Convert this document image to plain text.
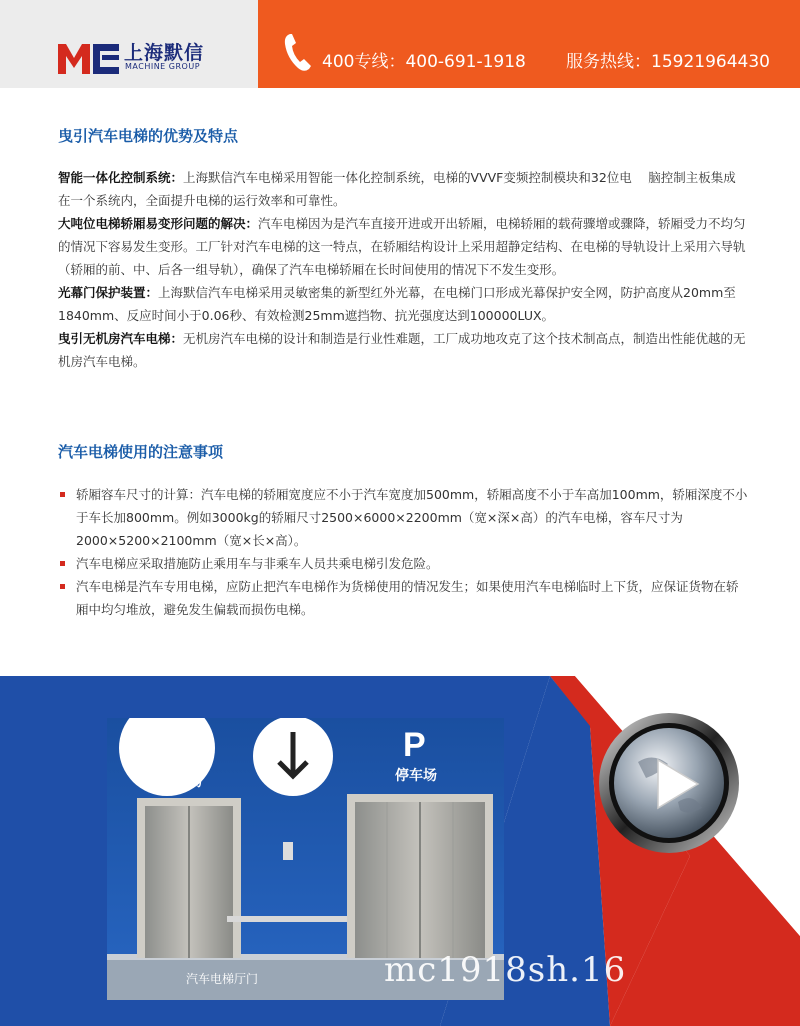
上海默信
MACHINE GROUP	400专线：400-691-1918 服务热线：15921964430
曳引汽车电梯的优势及特点

智能一体化控制系统：上海默信汽车电梯采用智能一体化控制系统，电梯的VVVF变频控制模块和32位电　 脑控制主板集成在一个系统内，全面提升电梯的运行效率和可靠性。

大吨位电梯轿厢易变形问题的解决：汽车电梯因为是汽车直接开进或开出轿厢，电梯轿厢的载荷骤增或骤降，轿厢受力不均匀的情况下容易发生变形。工厂针对汽车电梯的这一特点，在轿厢结构设计上采用超静定结构、在电梯的导轨设计上采用六导轨（轿厢的前、中、后各一组导轨），确保了汽车电梯轿厢在长时间使用的情况下不发生变形。

光幕门保护装置：上海默信汽车电梯采用灵敏密集的新型红外光幕，在电梯门口形成光幕保护安全网，防护高度从20mm至1840mm、反应时间小于0.06秒、有效检测25mm遮挡物、抗光强度达到100000LUX。

曳引无机房汽车电梯：无机房汽车电梯的设计和制造是行业性难题，工厂成功地攻克了这个技术制高点，制造出性能优越的无机房汽车电梯。

汽车电梯使用的注意事项

轿厢容车尺寸的计算：汽车电梯的轿厢宽度应不小于汽车宽度加500mm，轿厢高度不小于车高加100mm，轿厢深度不小于车长加800mm。例如3000kg的轿厢尺寸2500×6000×2200mm（宽×深×高）的汽车电梯，容车尺寸为2000×5200×2100mm（宽×长×高）。

汽车电梯应采取措施防止乘用车与非乘车人员共乘电梯引发危险。

汽车电梯是汽车专用电梯，应防止把汽车电梯作为货梯使用的情况发生；如果使用汽车电梯临时上下货，应保证货物在轿厢中均匀堆放，避免发生偏载而损伤电梯。

P
停车场
P
停车场
汽车电梯厅门	mc1918sh.16
